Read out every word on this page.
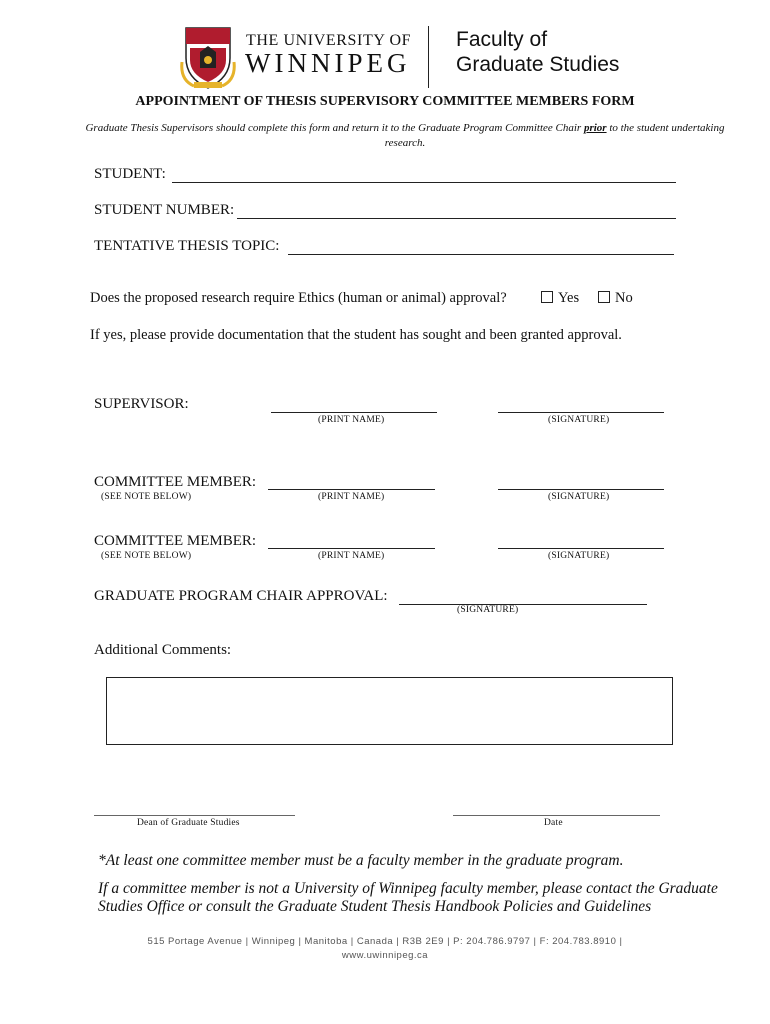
THE UNIVERSITY OF
WINNIPEG
Faculty of
Graduate Studies
APPOINTMENT OF THESIS SUPERVISORY COMMITTEE MEMBERS FORM
Graduate Thesis Supervisors should complete this form and return it to the Graduate Program Committee Chair prior to the student undertaking research.
STUDENT:
STUDENT NUMBER:
TENTATIVE THESIS TOPIC:
Does the proposed research require Ethics (human or animal) approval?	Yes	No
If yes, please provide documentation that the student has sought and been granted approval.
SUPERVISOR:
(PRINT NAME)	(SIGNATURE)
COMMITTEE MEMBER:
(SEE NOTE BELOW)	(PRINT NAME)	(SIGNATURE)
COMMITTEE MEMBER:
(SEE NOTE BELOW)	(PRINT NAME)	(SIGNATURE)
GRADUATE PROGRAM CHAIR APPROVAL:
(SIGNATURE)
Additional Comments:
Dean of Graduate Studies	Date
*At least one committee member must be a faculty member in the graduate program.
If a committee member is not a University of Winnipeg faculty member, please contact the Graduate Studies Office or consult the Graduate Student Thesis Handbook Policies and Guidelines
515 Portage Avenue | Winnipeg | Manitoba | Canada | R3B 2E9 | P: 204.786.9797 | F: 204.783.8910 |
www.uwinnipeg.ca
